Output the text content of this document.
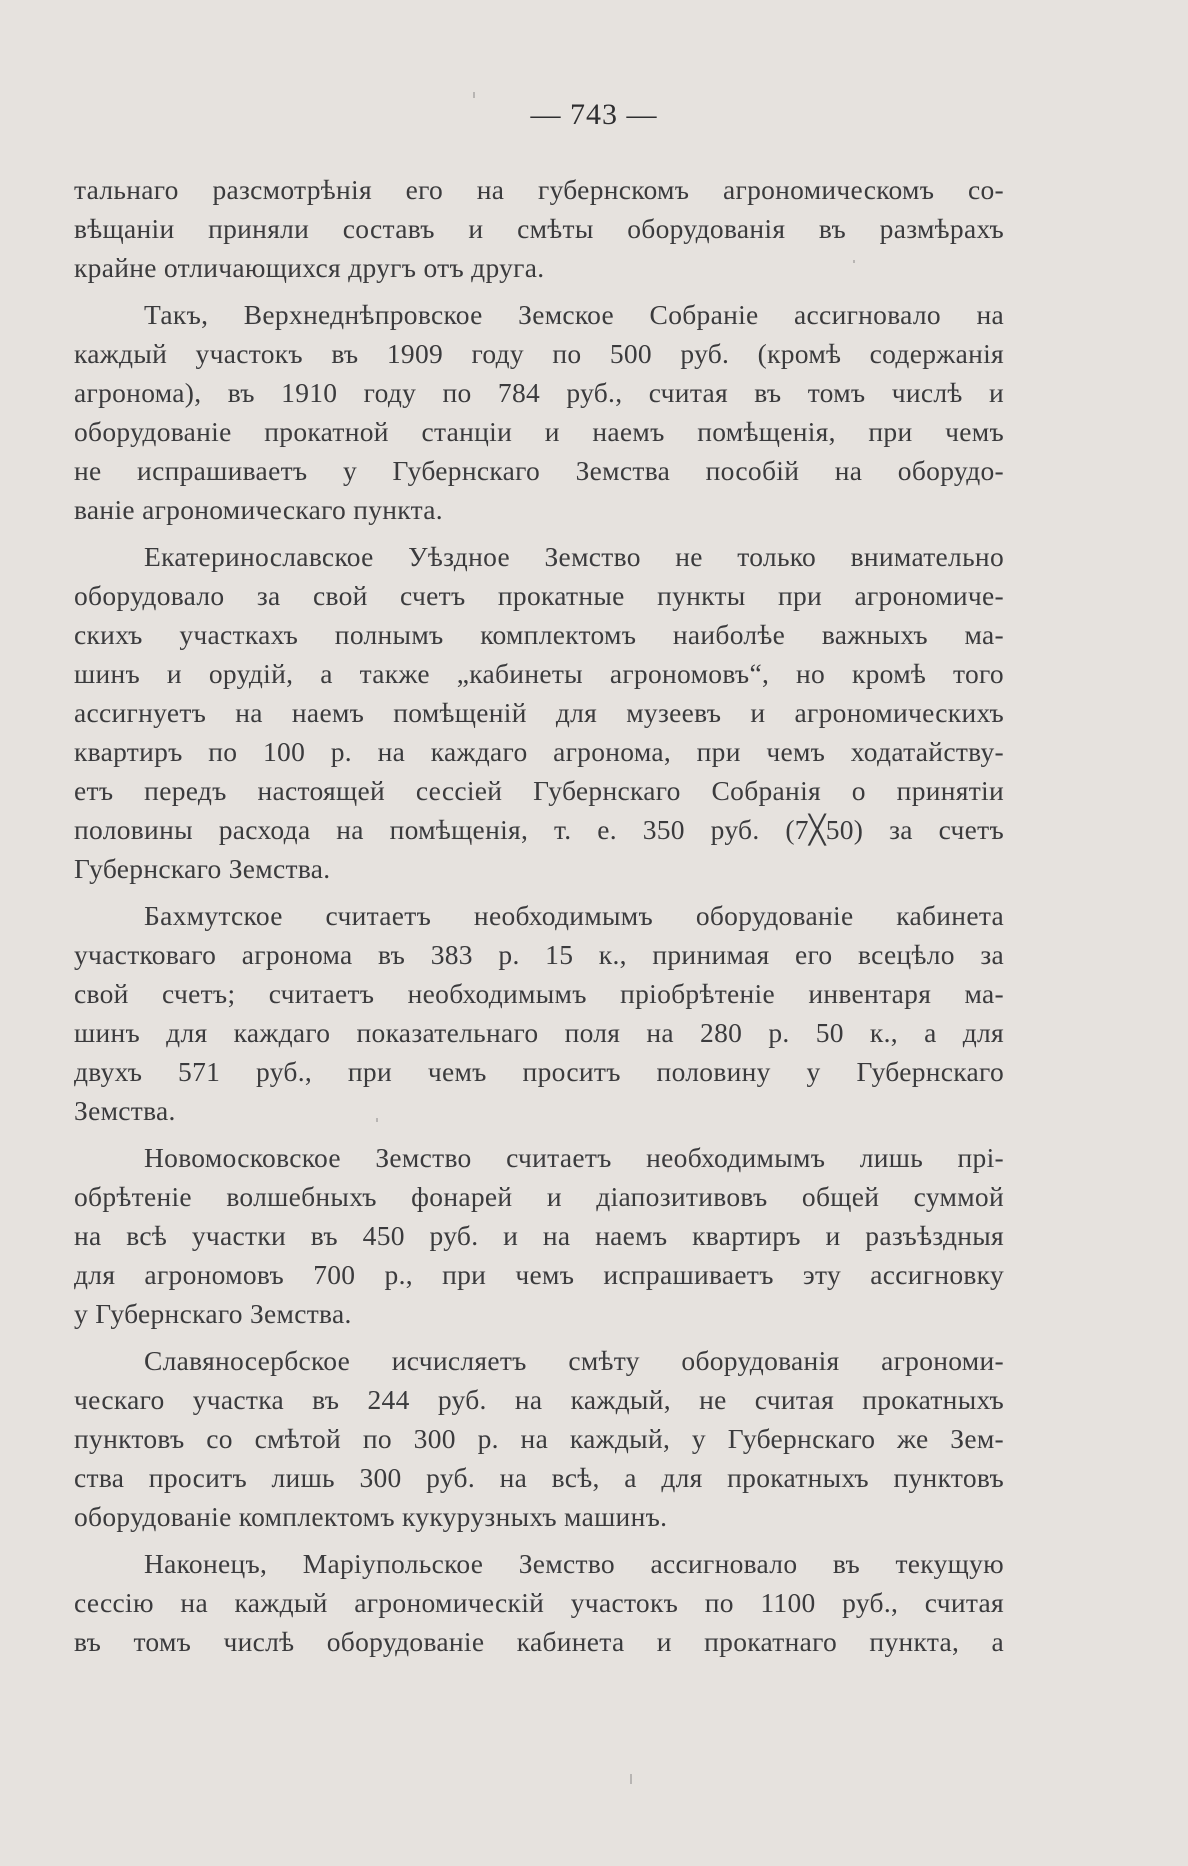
— 743 —
тальнаго разсмотрѣнія его на губернскомъ агрономическомъ со-
вѣщаніи приняли составъ и смѣты оборудованія въ размѣрахъ
крайне отличающихся другъ отъ друга.
Такъ, Верхнеднѣпровское Земское Собраніе ассигновало на
каждый участокъ въ 1909 году по 500 руб. (кромѣ содержанія
агронома), въ 1910 году по 784 руб., считая въ томъ числѣ и
оборудованіе прокатной станціи и наемъ помѣщенія, при чемъ
не испрашиваетъ у Губернскаго Земства пособій на оборудо-
ваніе агрономическаго пункта.
Екатеринославское Уѣздное Земство не только внимательно
оборудовало за свой счетъ прокатные пункты при агрономиче-
скихъ участкахъ полнымъ комплектомъ наиболѣе важныхъ ма-
шинъ и орудій, а также „кабинеты агрономовъ“, но кромѣ того
ассигнуетъ на наемъ помѣщеній для музеевъ и агрономическихъ
квартиръ по 100 р. на каждаго агронома, при чемъ ходатайству-
етъ передъ настоящей сессіей Губернскаго Собранія о принятіи
половины расхода на помѣщенія, т. е. 350 руб. (7╳50) за счетъ
Губернскаго Земства.
Бахмутское считаетъ необходимымъ оборудованіе кабинета
участковаго агронома въ 383 р. 15 к., принимая его всецѣло за
свой счетъ; считаетъ необходимымъ пріобрѣтеніе инвентаря ма-
шинъ для каждаго показательнаго поля на 280 р. 50 к., а для
двухъ 571 руб., при чемъ проситъ половину у Губернскаго
Земства.
Новомосковское Земство считаетъ необходимымъ лишь прі-
обрѣтеніе волшебныхъ фонарей и діапозитивовъ общей суммой
на всѣ участки въ 450 руб. и на наемъ квартиръ и разъѣздныя
для агрономовъ 700 р., при чемъ испрашиваетъ эту ассигновку
у Губернскаго Земства.
Славяносербское исчисляетъ смѣту оборудованія агрономи-
ческаго участка въ 244 руб. на каждый, не считая прокатныхъ
пунктовъ со смѣтой по 300 р. на каждый, у Губернскаго же Зем-
ства проситъ лишь 300 руб. на всѣ, а для прокатныхъ пунктовъ
оборудованіе комплектомъ кукурузныхъ машинъ.
Наконецъ, Маріупольское Земство ассигновало въ текущую
сессію на каждый агрономическій участокъ по 1100 руб., считая
въ томъ числѣ оборудованіе кабинета и прокатнаго пункта, а
